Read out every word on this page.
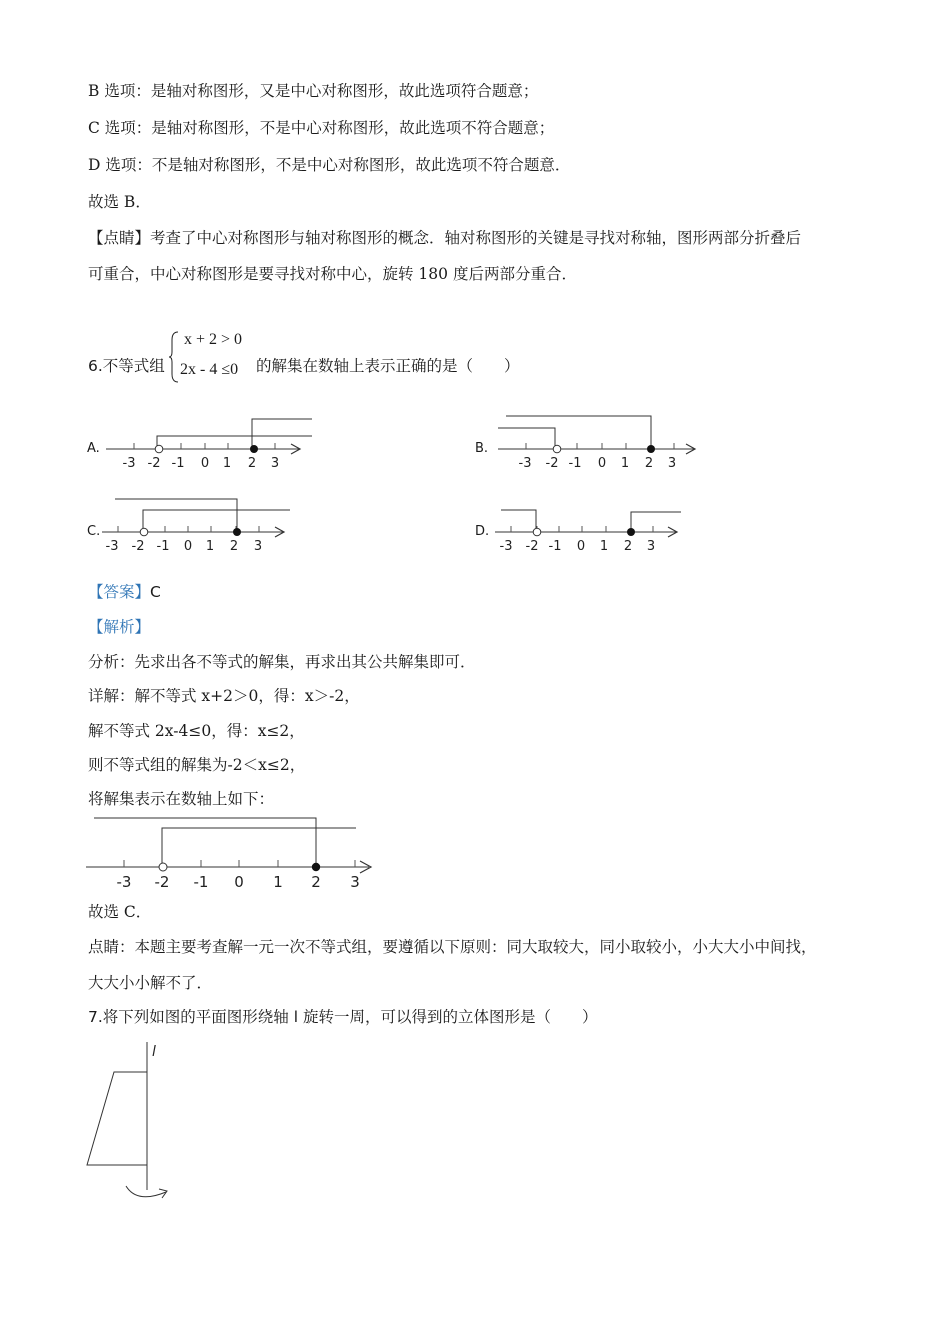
B 选项：是轴对称图形，又是中心对称图形，故此选项符合题意；
C 选项：是轴对称图形，不是中心对称图形，故此选项不符合题意；
D 选项：不是轴对称图形，不是中心对称图形，故此选项不符合题意．
故选 B．
【点睛】考查了中心对称图形与轴对称图形的概念．轴对称图形的关键是寻找对称轴，图形两部分折叠后
可重合，中心对称图形是要寻找对称中心，旋转 180 度后两部分重合．
6.不等式组
x + 2 > 0
2x - 4 ≤0 的解集在数轴上表示正确的是（　　）
A.
-3 -2 -1 0 1 2 3
B.
-3 -2 -1 0 1 2 3
C.
-3 -2 -1 0 1 2 3
D.
-3 -2 -1 0 1 2 3
【答案】C
【解析】
分析：先求出各不等式的解集，再求出其公共解集即可．
详解：解不等式 x+2＞0，得：x＞-2，
解不等式 2x-4≤0，得：x≤2，
则不等式组的解集为-2＜x≤2，
将解集表示在数轴上如下：
-3 -2 -1 0 1 2 3
故选 C．
点睛：本题主要考查解一元一次不等式组，要遵循以下原则：同大取较大，同小取较小，小大大小中间找，
大大小小解不了．
7.将下列如图的平面图形绕轴 l 旋转一周，可以得到的立体图形是（　　）
l
